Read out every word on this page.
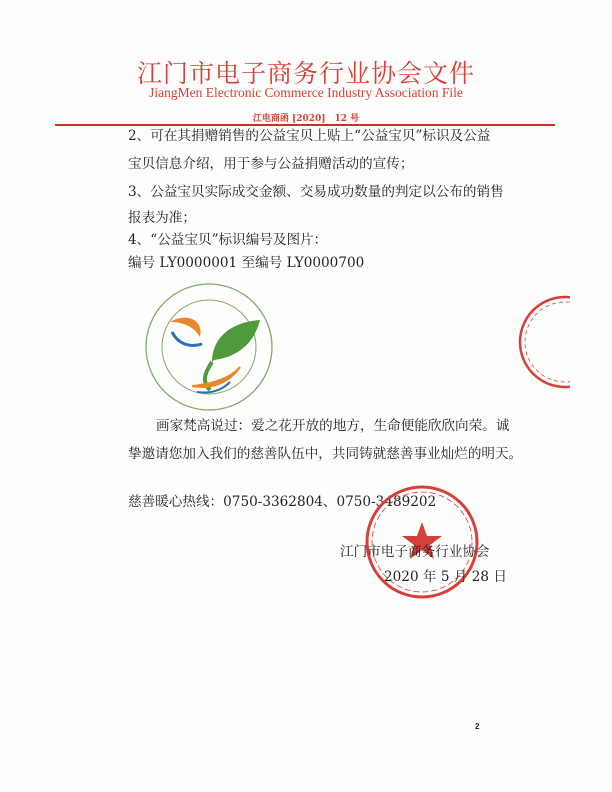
江门市电子商务行业协会文件
JiangMen Electronic Commerce Industry Association File
江电商函 [2020]　12 号
2、可在其捐赠销售的公益宝贝上贴上“公益宝贝”标识及公益
宝贝信息介绍，用于参与公益捐赠活动的宣传；
3、公益宝贝实际成交金额、交易成功数量的判定以公布的销售
报表为准；
4、“公益宝贝”标识编号及图片：
编号 LY0000001 至编号 LY0000700
画家梵高说过：爱之花开放的地方，生命便能欣欣向荣。诚
挚邀请您加入我们的慈善队伍中，共同铸就慈善事业灿烂的明天。
慈善暖心热线：0750-3362804、0750-3489202
江门市电子商务行业协会
2020 年 5 月 28 日
2
